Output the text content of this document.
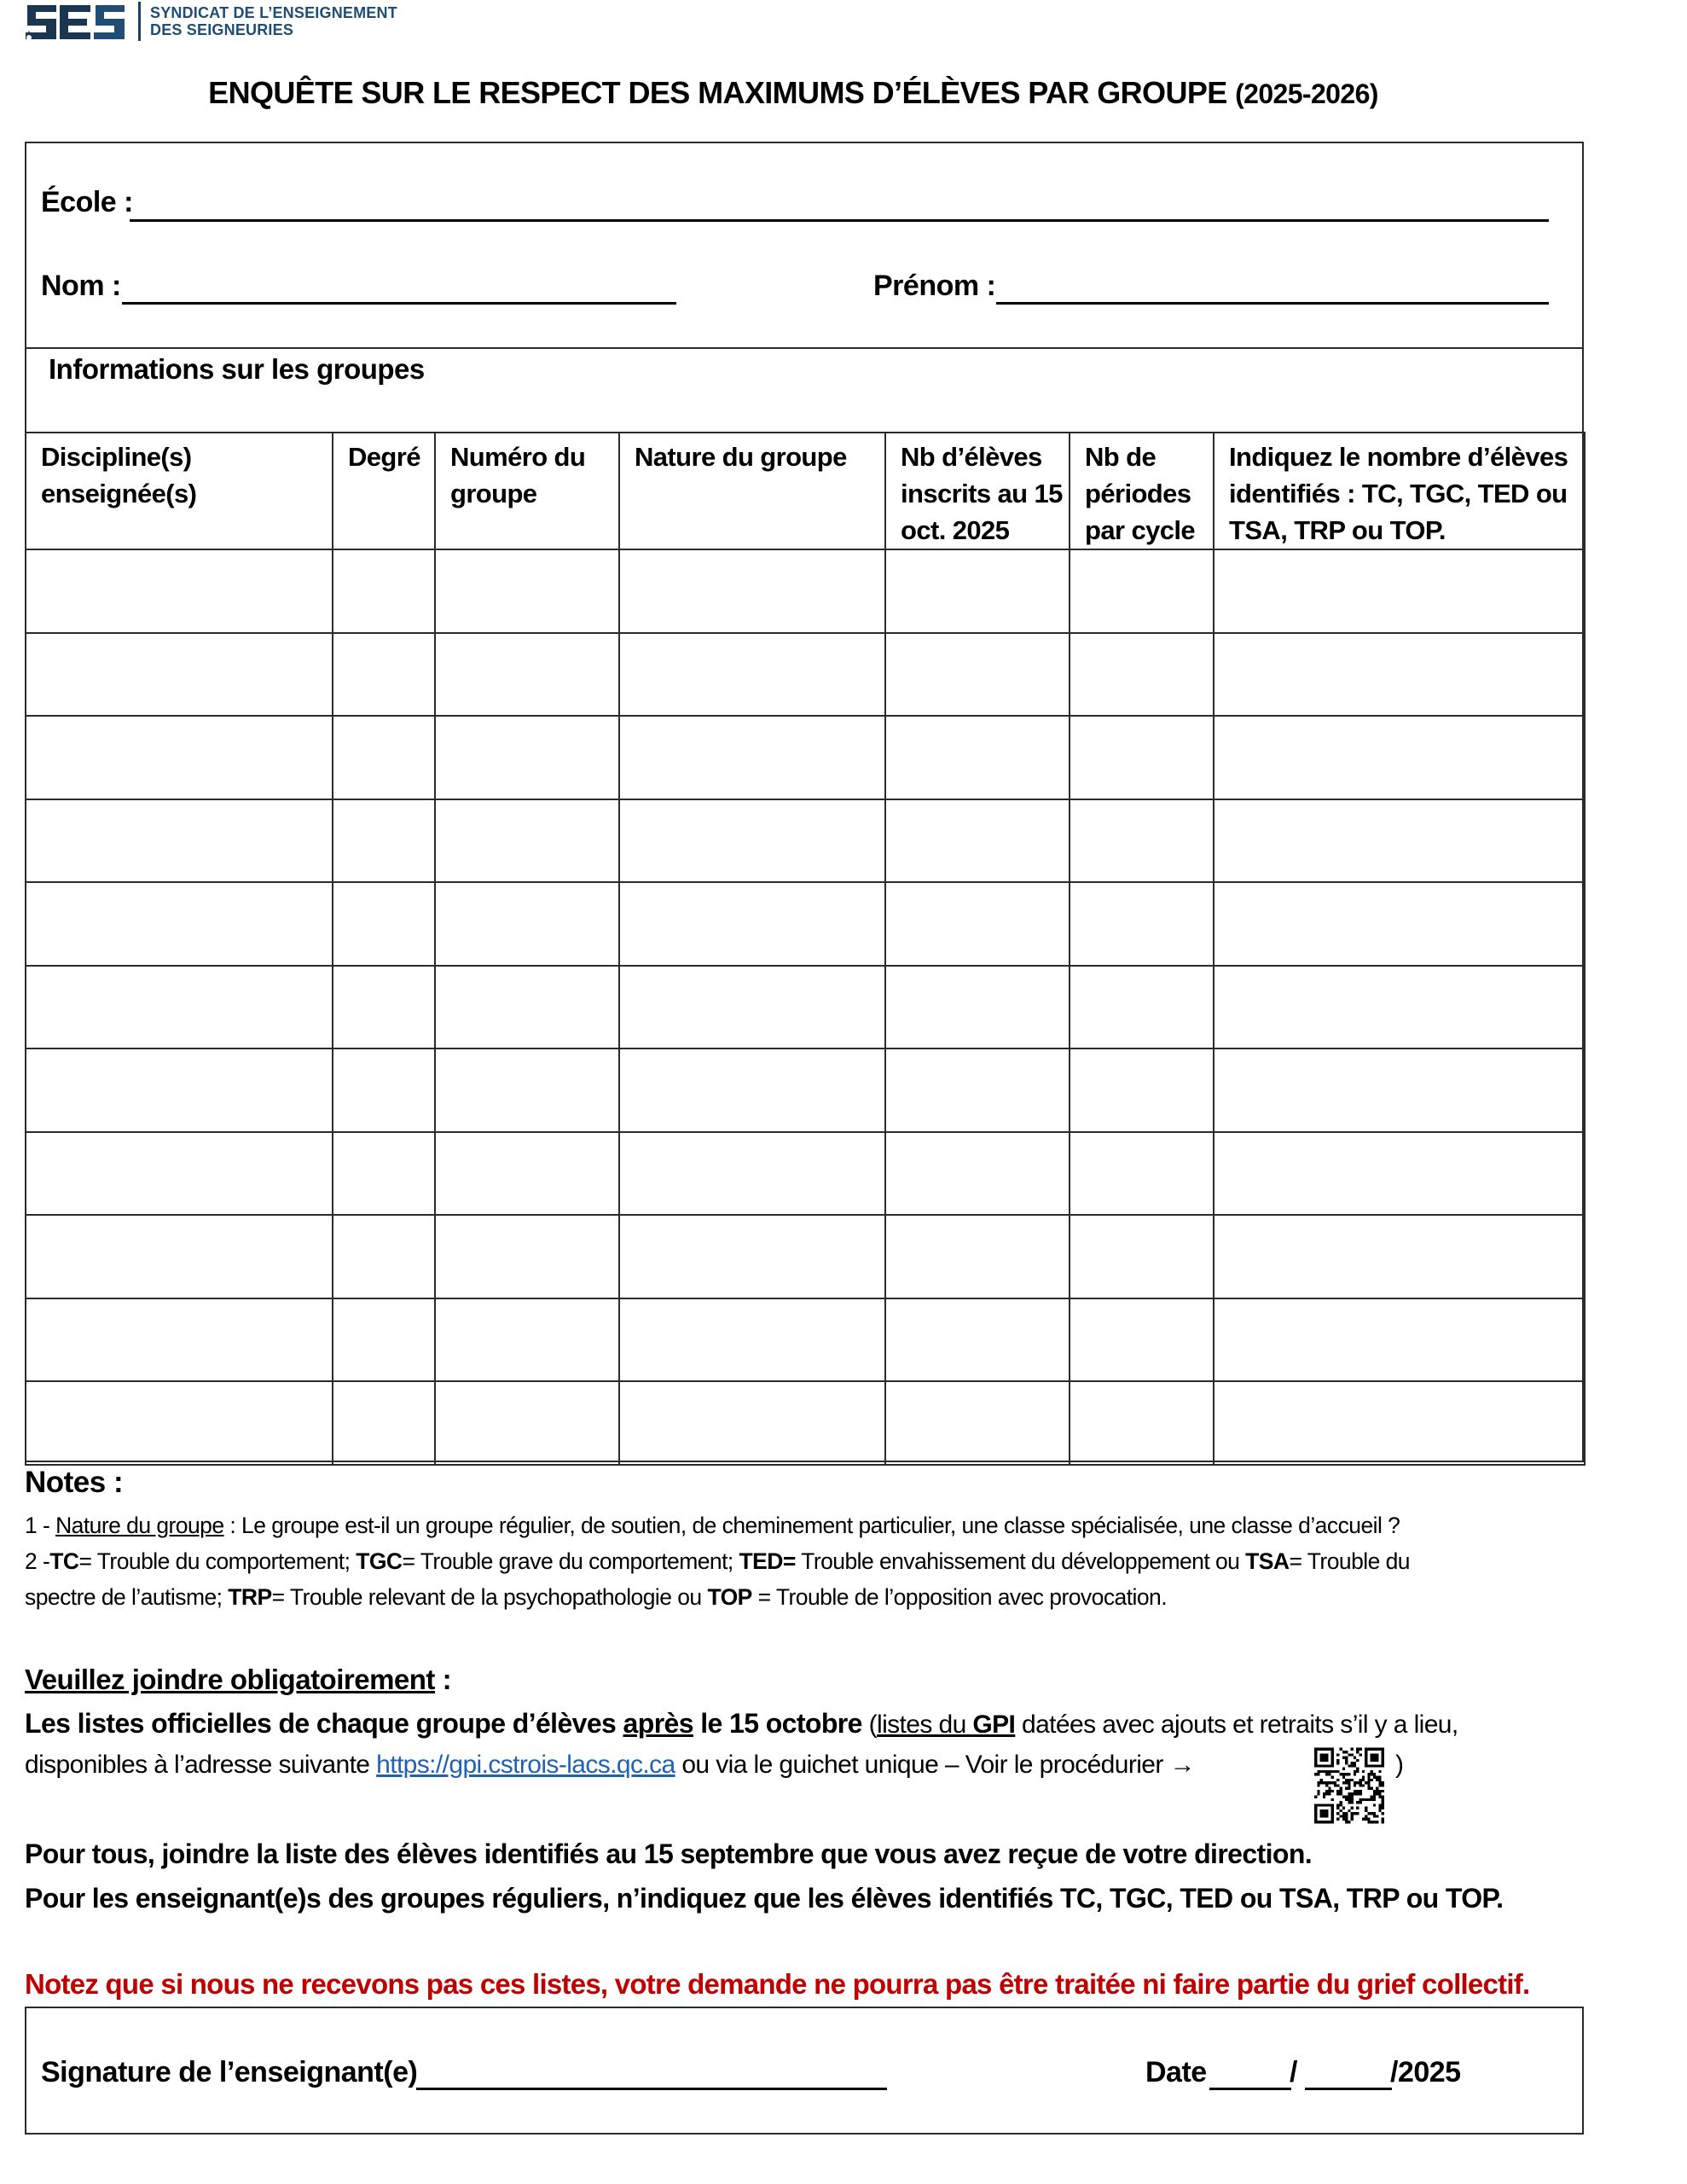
SYNDICAT DE L’ENSEIGNEMENT
DES SEIGNEURIES
ENQUÊTE SUR LE RESPECT DES MAXIMUMS D’ÉLÈVES PAR GROUPE (2025-2026)
École :
Nom :	Prénom :
Informations sur les groupes
Discipline(s) enseignée(s)	Degré	Numéro du groupe	Nature du groupe	Nb d’élèves inscrits au 15 oct. 2025	Nb de périodes par cycle	Indiquez le nombre d’élèves identifiés : TC, TGC, TED ou TSA, TRP ou TOP.

Notes :
1 - Nature du groupe : Le groupe est-il un groupe régulier, de soutien, de cheminement particulier, une classe spécialisée, une classe d’accueil ?
2 -TC= Trouble du comportement; TGC= Trouble grave du comportement; TED= Trouble envahissement du développement ou TSA= Trouble du
spectre de l’autisme; TRP= Trouble relevant de la psychopathologie ou TOP = Trouble de l’opposition avec provocation.
Veuillez joindre obligatoirement :
Les listes officielles de chaque groupe d’élèves après le 15 octobre (listes du GPI datées avec ajouts et retraits s’il y a lieu,
disponibles à l’adresse suivante https://gpi.cstrois-lacs.qc.ca ou via le guichet unique – Voir le procédurier →	)
Pour tous, joindre la liste des élèves identifiés au 15 septembre que vous avez reçue de votre direction.
Pour les enseignant(e)s des groupes réguliers, n’indiquez que les élèves identifiés TC, TGC, TED ou TSA, TRP ou TOP.
Notez que si nous ne recevons pas ces listes, votre demande ne pourra pas être traitée ni faire partie du grief collectif.
Signature de l’enseignant(e)	Date	/	/2025
